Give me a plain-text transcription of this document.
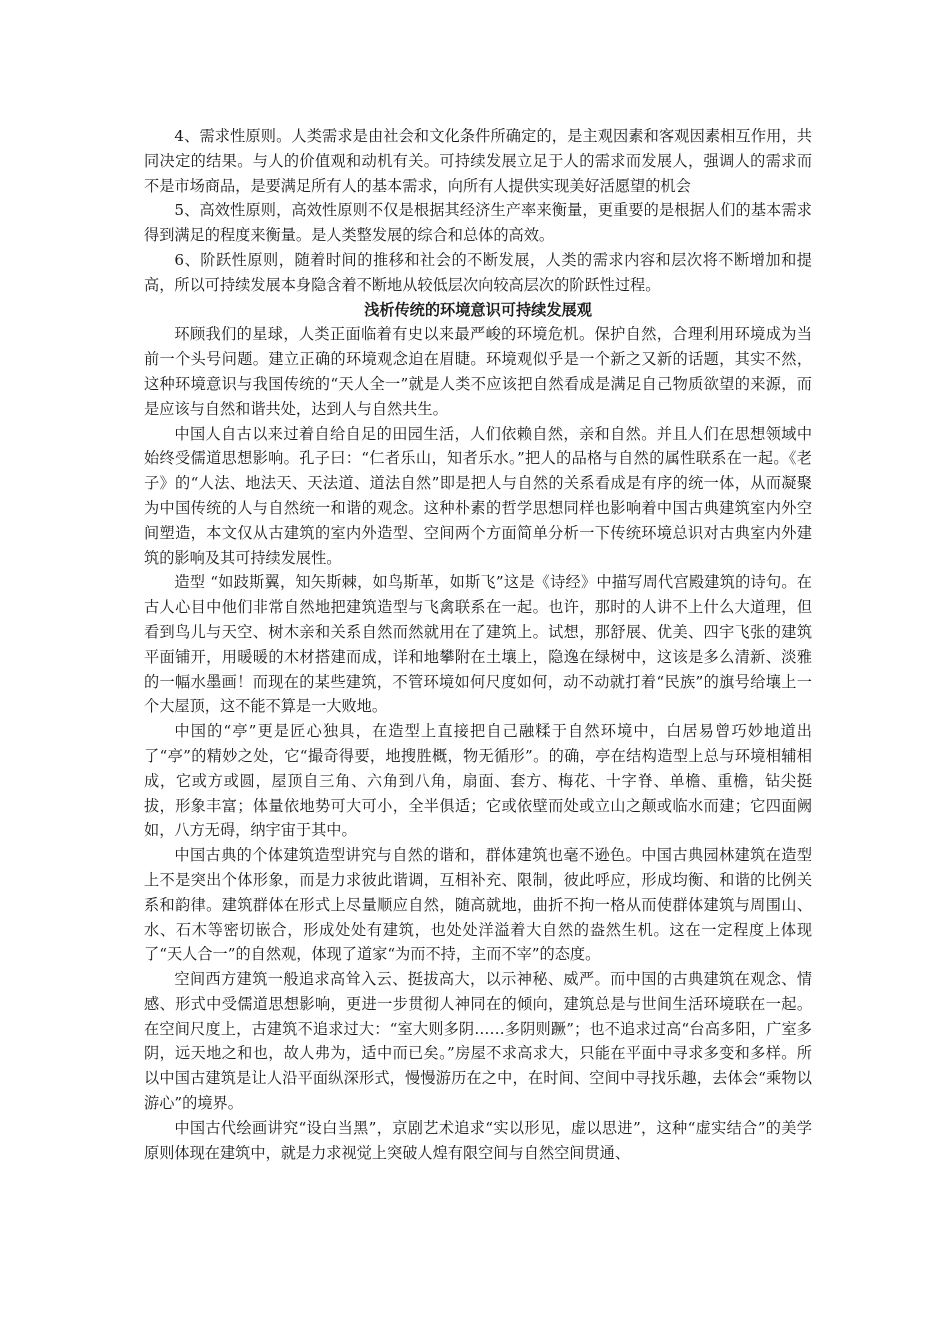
4、需求性原则。人类需求是由社会和文化条件所确定的，是主观因素和客观因素相互作用，共同决定的结果。与人的价值观和动机有关。可持续发展立足于人的需求而发展人，强调人的需求而不是市场商品，是要满足所有人的基本需求，向所有人提供实现美好活愿望的机会

5、高效性原则，高效性原则不仅是根据其经济生产率来衡量，更重要的是根据人们的基本需求得到满足的程度来衡量。是人类整发展的综合和总体的高效。

6、阶跃性原则，随着时间的推移和社会的不断发展，人类的需求内容和层次将不断增加和提高，所以可持续发展本身隐含着不断地从较低层次向较高层次的阶跃性过程。

浅析传统的环境意识可持续发展观

环顾我们的星球，人类正面临着有史以来最严峻的环境危机。保护自然，合理利用环境成为当前一个头号问题。建立正确的环境观念迫在眉睫。环境观似乎是一个新之又新的话题，其实不然，这种环境意识与我国传统的“天人全一”就是人类不应该把自然看成是满足自己物质欲望的来源，而是应该与自然和谐共处，达到人与自然共生。

中国人自古以来过着自给自足的田园生活，人们依赖自然，亲和自然。并且人们在思想领域中始终受儒道思想影响。孔子曰：“仁者乐山，知者乐水。”把人的品格与自然的属性联系在一起。《老子》的“人法、地法天、天法道、道法自然”即是把人与自然的关系看成是有序的统一体，从而凝聚为中国传统的人与自然统一和谐的观念。这种朴素的哲学思想同样也影响着中国古典建筑室内外空间塑造，本文仅从古建筑的室内外造型、空间两个方面简单分析一下传统环境总识对古典室内外建筑的影响及其可持续发展性。

造型 “如跂斯翼，知矢斯棘，如鸟斯革，如斯飞”这是《诗经》中描写周代宫殿建筑的诗句。在古人心目中他们非常自然地把建筑造型与飞禽联系在一起。也许，那时的人讲不上什么大道理，但看到鸟儿与天空、树木亲和关系自然而然就用在了建筑上。试想，那舒展、优美、四宇飞张的建筑平面铺开，用暖暖的木材搭建而成，详和地攀附在土壤上，隐逸在绿树中，这该是多么清新、淡雅的一幅水墨画！而现在的某些建筑，不管环境如何尺度如何，动不动就打着“民族”的旗号给壤上一个大屋顶，这不能不算是一大败地。

中国的“亭”更是匠心独具，在造型上直接把自己融糅于自然环境中，白居易曾巧妙地道出了“亭”的精妙之处，它“撮奇得要，地搜胜概，物无循形”。的确，亭在结构造型上总与环境相辅相成，它或方或圆，屋顶自三角、六角到八角，扇面、套方、梅花、十字脊、单檐、重檐，钻尖挺拔，形象丰富；体量依地势可大可小，全半俱适；它或依壁而处或立山之颠或临水而建；它四面阙如，八方无碍，纳宇宙于其中。

中国古典的个体建筑造型讲究与自然的谐和，群体建筑也毫不逊色。中国古典园林建筑在造型上不是突出个体形象，而是力求彼此谐调，互相补充、限制，彼此呼应，形成均衡、和谐的比例关系和韵律。建筑群体在形式上尽量顺应自然，随高就地，曲折不拘一格从而使群体建筑与周围山、水、石木等密切嵌合，形成处处有建筑，也处处洋溢着大自然的盎然生机。这在一定程度上体现了“天人合一”的自然观，体现了道家“为而不持，主而不宰”的态度。

空间西方建筑一般追求高耸入云、挺拔高大，以示神秘、威严。而中国的古典建筑在观念、情感、形式中受儒道思想影响，更进一步贯彻人神同在的倾向，建筑总是与世间生活环境联在一起。在空间尺度上，古建筑不追求过大：“室大则多阴……多阴则蹶”；也不追求过高“台高多阳，广室多阴，远天地之和也，故人弗为，适中而已矣。”房屋不求高求大，只能在平面中寻求多变和多样。所以中国古建筑是让人沿平面纵深形式，慢慢游历在之中，在时间、空间中寻找乐趣，去体会“乘物以游心”的境界。

中国古代绘画讲究“设白当黑”，京剧艺术追求“实以形见，虚以思进”，这种“虚实结合”的美学原则体现在建筑中，就是力求视觉上突破人煌有限空间与自然空间贯通、
